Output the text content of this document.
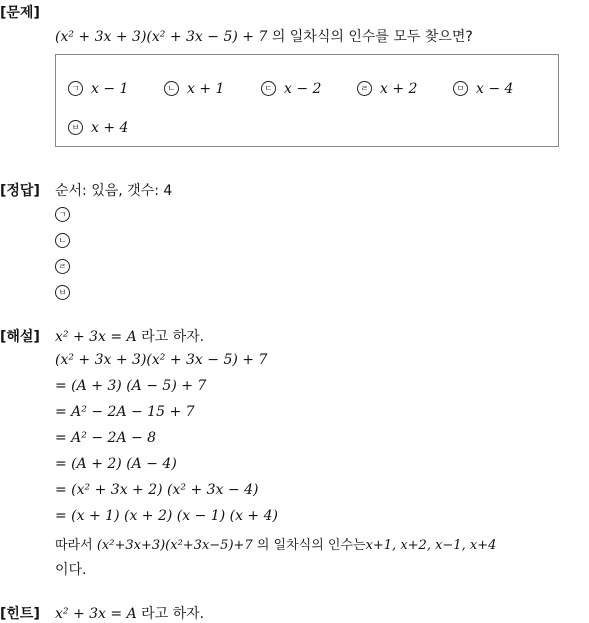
[문제]
(x² + 3x + 3)(x² + 3x − 5) + 7 의 일차식의 인수를 모두 찾으면?
ㄱ x − 1	ㄴ x + 1	ㄷ x − 2	ㄹ x + 2	ㅁ x − 4
ㅂ x + 4
[정답] 순서: 있음, 갯수: 4
ㄱ
ㄴ
ㄹ
ㅂ
[해설] x² + 3x = A 라고 하자.
(x² + 3x + 3)(x² + 3x − 5) + 7
= (A + 3) (A − 5) + 7
= A² − 2A − 15 + 7
= A² − 2A − 8
= (A + 2) (A − 4)
= (x² + 3x + 2) (x² + 3x − 4)
= (x + 1) (x + 2) (x − 1) (x + 4)
따라서 (x²+3x+3)(x²+3x−5)+7 의 일차식의 인수는x+1, x+2, x−1, x+4
이다.
[힌트] x² + 3x = A 라고 하자.
